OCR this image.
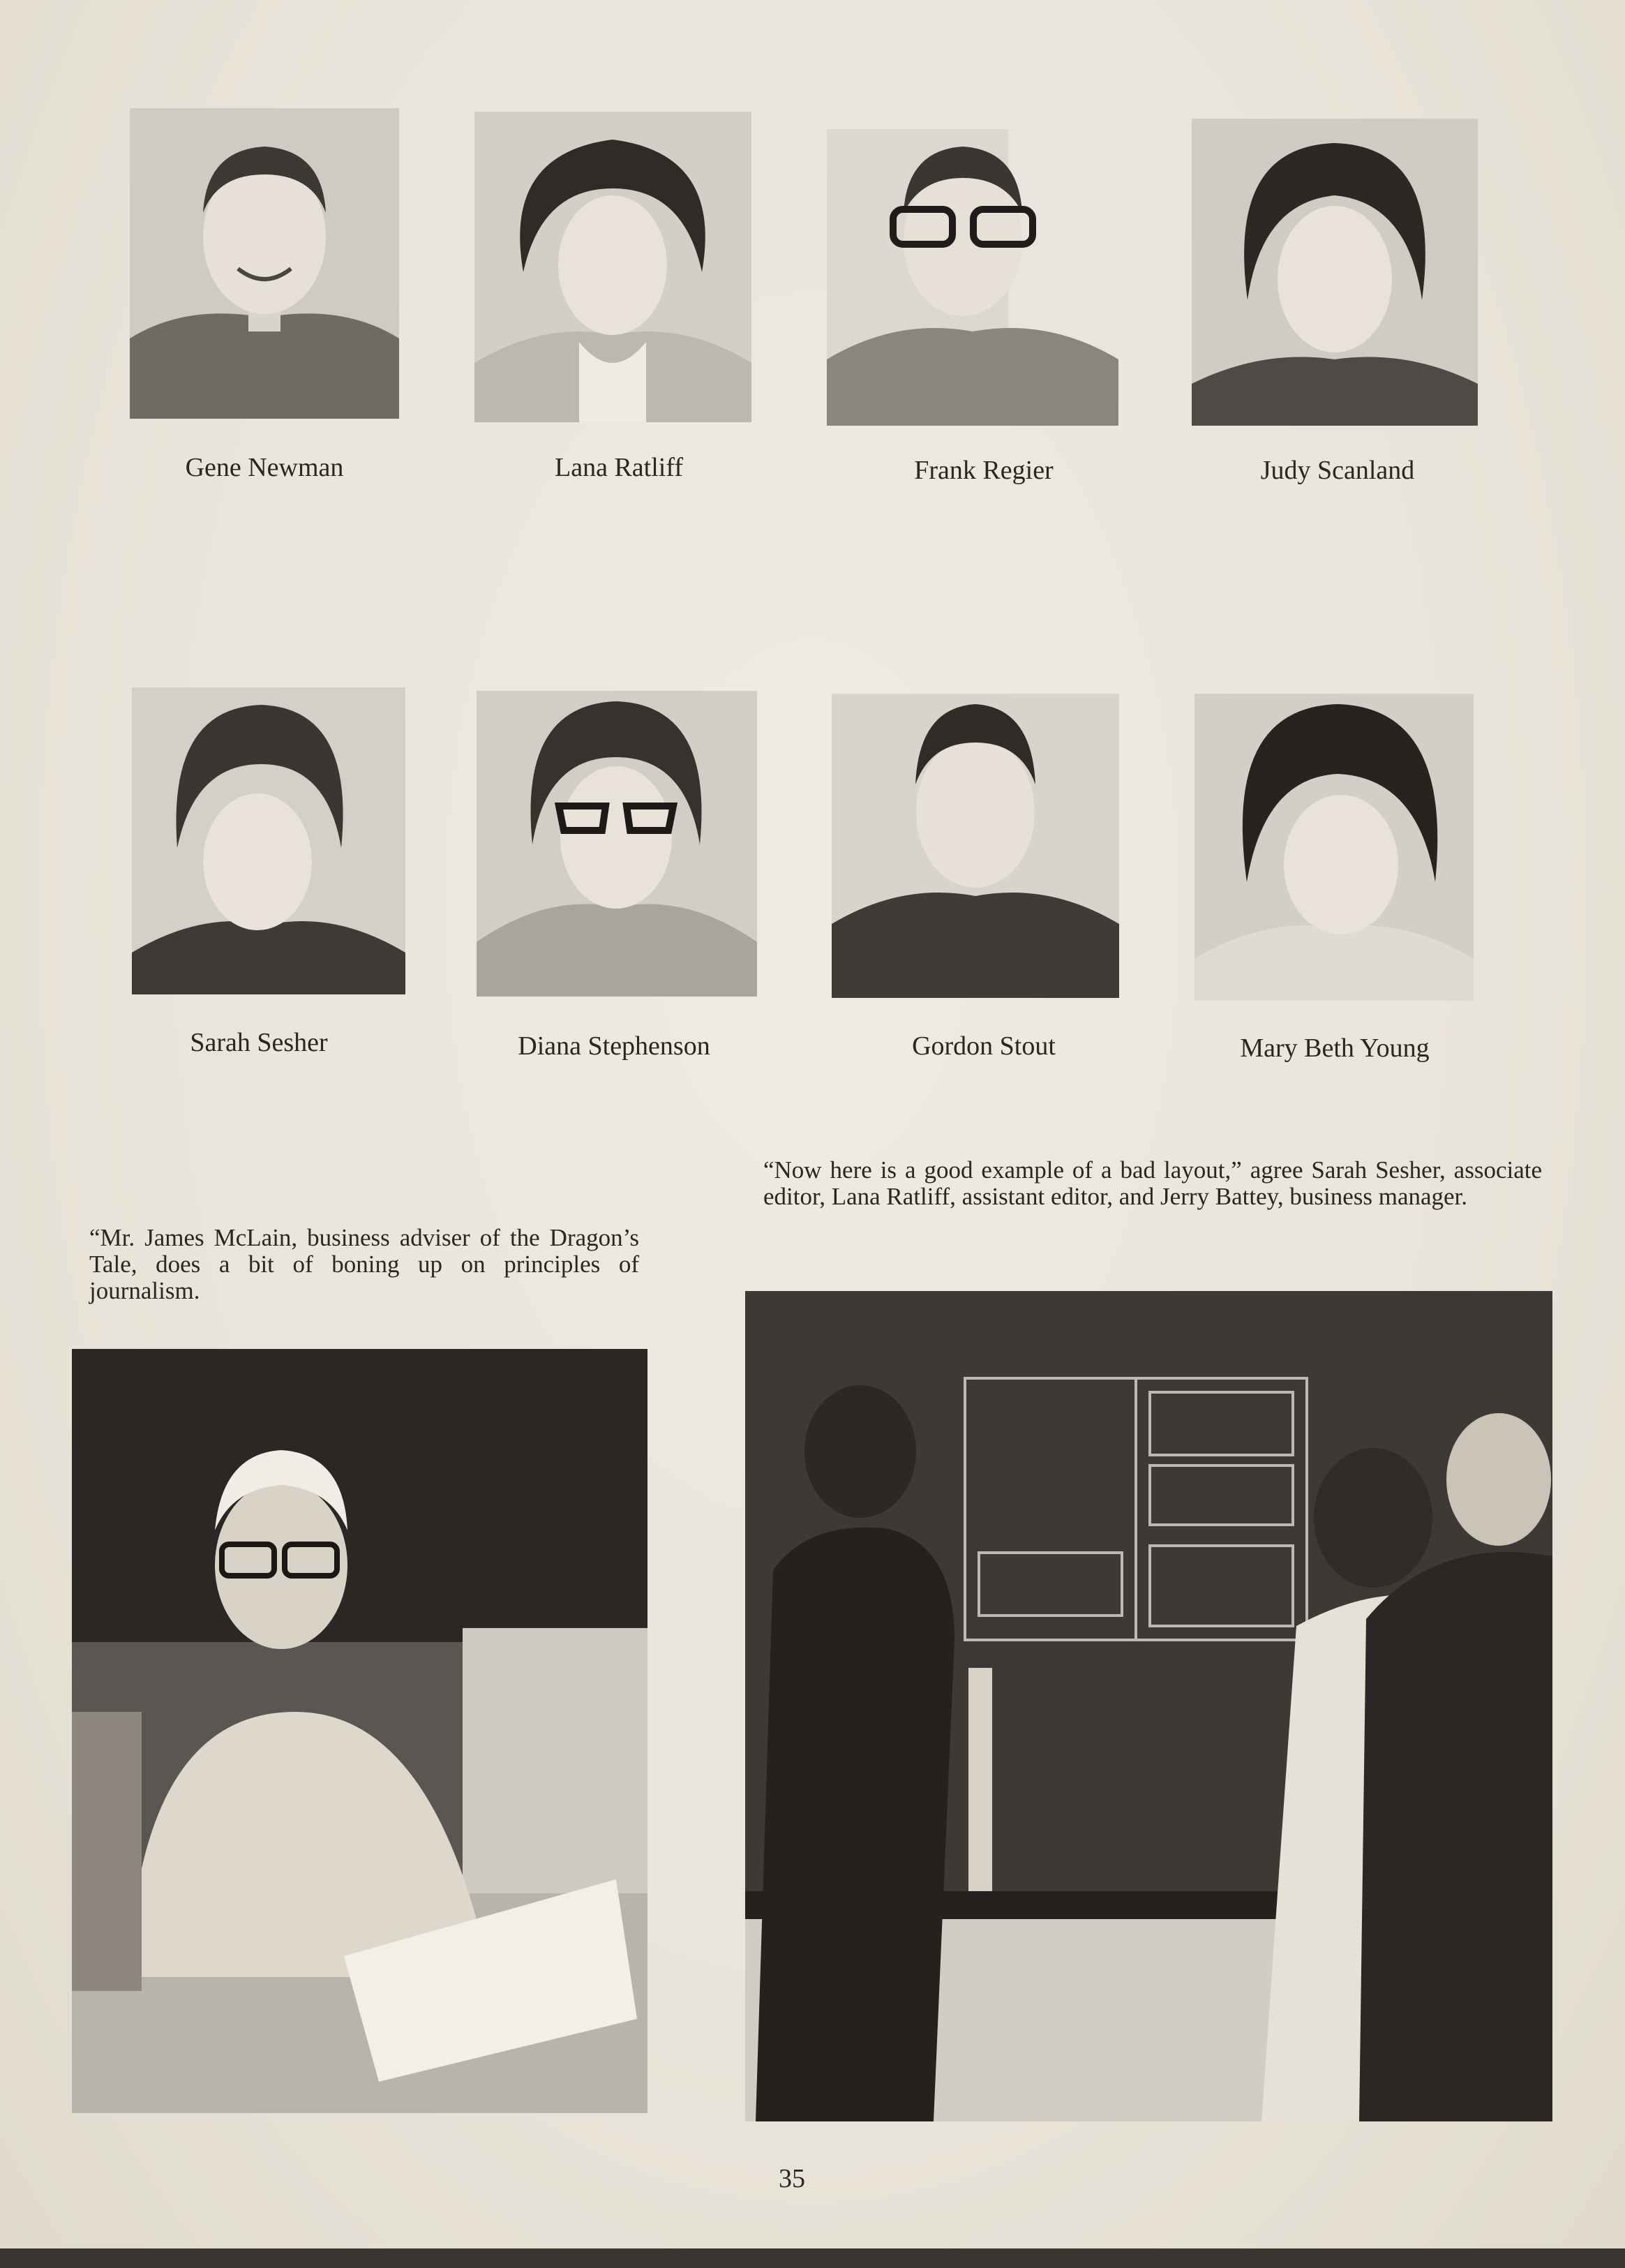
Gene Newman	Lana Ratliff	Frank Regier	Judy Scanland
Sarah Sesher	Diana Stephenson	Gordon Stout	Mary Beth Young
“Now here is a good example of a bad layout,” agree Sarah Sesher, associate editor, Lana Ratliff, assistant editor, and Jerry Battey, business manager.
“Mr. James McLain, business adviser of the Dragon’s Tale, does a bit of boning up on principles of journalism.
35
